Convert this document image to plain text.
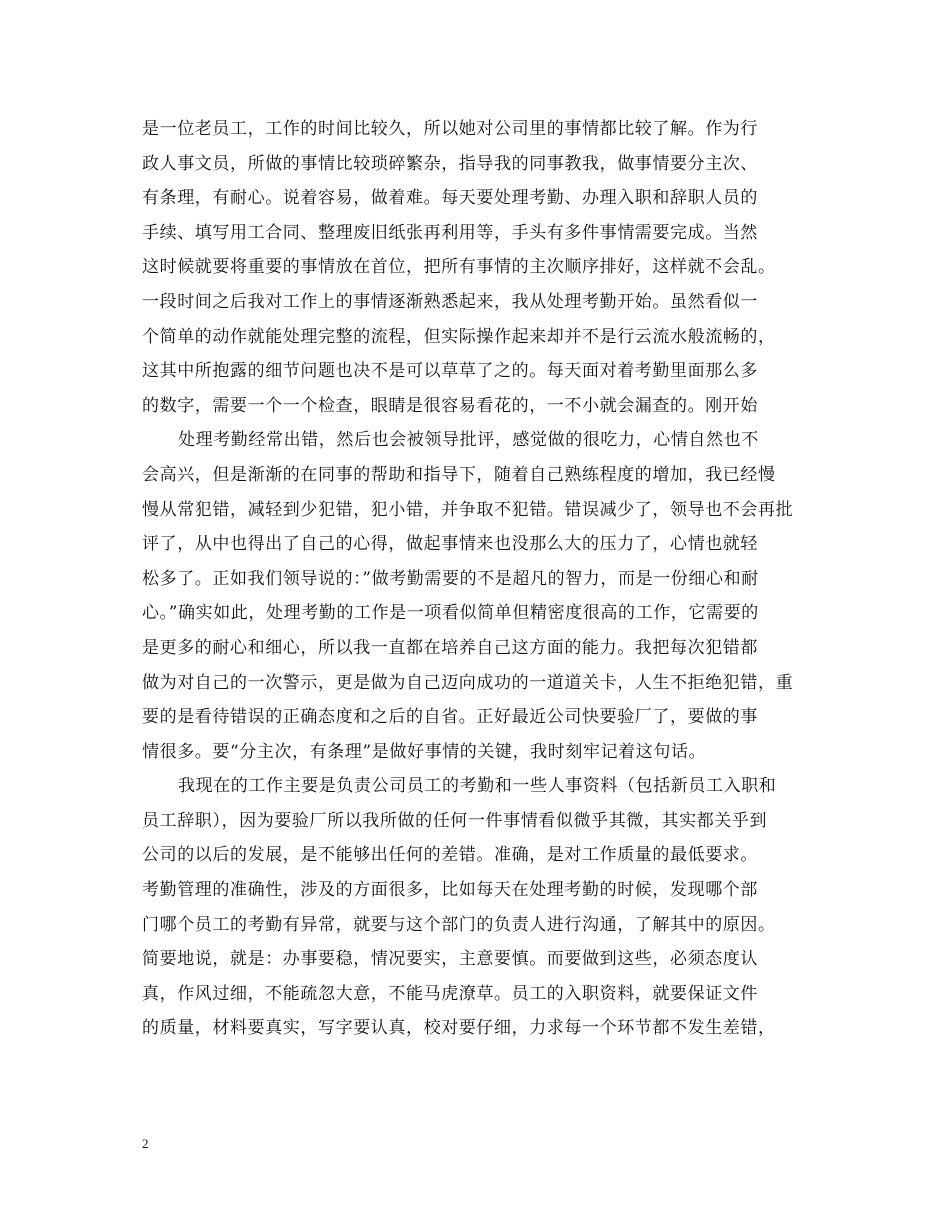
是一位老员工，工作的时间比较久，所以她对公司里的事情都比较了解。作为行
政人事文员，所做的事情比较琐碎繁杂，指导我的同事教我，做事情要分主次、
有条理，有耐心。说着容易，做着难。每天要处理考勤、办理入职和辞职人员的
手续、填写用工合同、整理废旧纸张再利用等，手头有多件事情需要完成。当然
这时候就要将重要的事情放在首位，把所有事情的主次顺序排好，这样就不会乱。
一段时间之后我对工作上的事情逐渐熟悉起来，我从处理考勤开始。虽然看似一
个简单的动作就能处理完整的流程，但实际操作起来却并不是行云流水般流畅的，
这其中所抱露的细节问题也决不是可以草草了之的。每天面对着考勤里面那么多
的数字，需要一个一个检查，眼睛是很容易看花的，一不小就会漏查的。刚开始
处理考勤经常出错，然后也会被领导批评，感觉做的很吃力，心情自然也不
会高兴，但是渐渐的在同事的帮助和指导下，随着自己熟练程度的增加，我已经慢
慢从常犯错，减轻到少犯错，犯小错，并争取不犯错。错误减少了，领导也不会再批
评了，从中也得出了自己的心得，做起事情来也没那么大的压力了，心情也就轻
松多了。正如我们领导说的：”做考勤需要的不是超凡的智力，而是一份细心和耐
心。”确实如此，处理考勤的工作是一项看似简单但精密度很高的工作，它需要的
是更多的耐心和细心，所以我一直都在培养自己这方面的能力。我把每次犯错都
做为对自己的一次警示，更是做为自己迈向成功的一道道关卡，人生不拒绝犯错，重
要的是看待错误的正确态度和之后的自省。正好最近公司快要验厂了，要做的事
情很多。要“分主次，有条理”是做好事情的关键，我时刻牢记着这句话。
我现在的工作主要是负责公司员工的考勤和一些人事资料（包括新员工入职和
员工辞职），因为要验厂所以我所做的任何一件事情看似微乎其微，其实都关乎到
公司的以后的发展，是不能够出任何的差错。准确，是对工作质量的最低要求。
考勤管理的准确性，涉及的方面很多，比如每天在处理考勤的时候，发现哪个部
门哪个员工的考勤有异常，就要与这个部门的负责人进行沟通，了解其中的原因。
简要地说，就是：办事要稳，情况要实，主意要慎。而要做到这些，必须态度认
真，作风过细，不能疏忽大意，不能马虎潦草。员工的入职资料，就要保证文件
的质量，材料要真实，写字要认真，校对要仔细，力求每一个环节都不发生差错，
2
